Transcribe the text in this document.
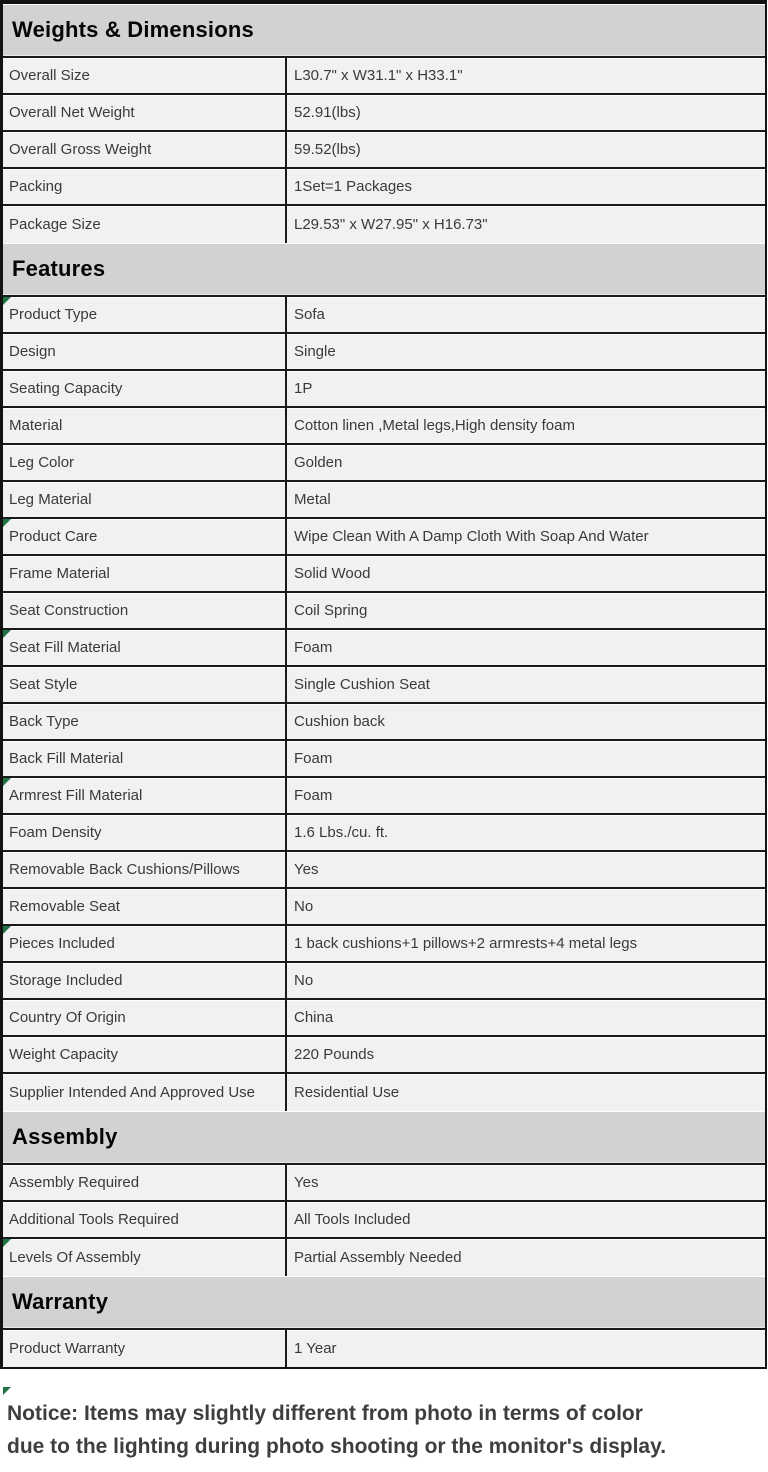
Weights & Dimensions
Overall Size	L30.7" x W31.1" x H33.1"
Overall Net Weight	52.91(lbs)
Overall Gross Weight	59.52(lbs)
Packing	1Set=1 Packages
Package Size	L29.53" x W27.95" x H16.73"
Features
Product Type	Sofa
Design	Single
Seating Capacity	1P
Material	Cotton linen ,Metal legs,High density foam
Leg Color	Golden
Leg Material	Metal
Product Care	Wipe Clean With A Damp Cloth With Soap And Water
Frame Material	Solid Wood
Seat Construction	Coil Spring
Seat Fill Material	Foam
Seat Style	Single Cushion Seat
Back Type	Cushion back
Back Fill Material	Foam
Armrest Fill Material	Foam
Foam Density	1.6 Lbs./cu. ft.
Removable Back Cushions/Pillows	Yes
Removable Seat	No
Pieces Included	1 back cushions+1 pillows+2 armrests+4 metal legs
Storage Included	No
Country Of Origin	China
Weight Capacity	220 Pounds
Supplier Intended And Approved Use	Residential Use
Assembly
Assembly Required	Yes
Additional Tools Required	All Tools Included
Levels Of Assembly	Partial Assembly Needed
Warranty
Product Warranty	1 Year
Notice: Items may slightly different from photo in terms of color
due to the lighting during photo shooting or the monitor's display.
